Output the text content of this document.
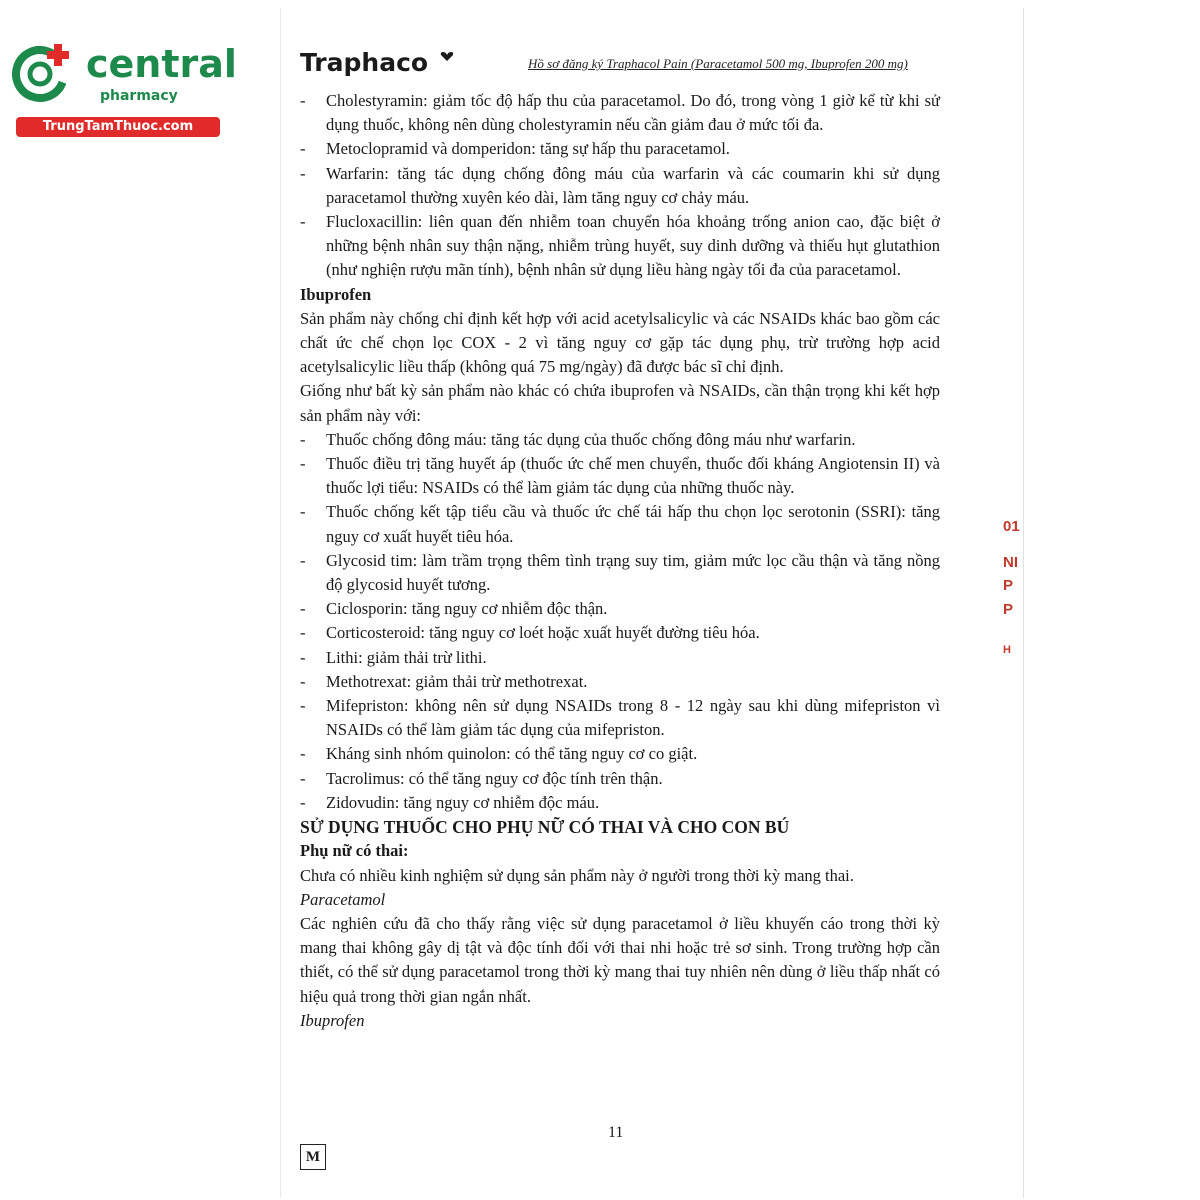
central
pharmacy
TrungTamThuoc.com
Traphaco	Hồ sơ đăng ký Traphacol Pain (Paracetamol 500 mg, Ibuprofen 200 mg)
- Cholestyramin: giảm tốc độ hấp thu của paracetamol. Do đó, trong vòng 1 giờ kể từ khi sử dụng thuốc, không nên dùng cholestyramin nếu cần giảm đau ở mức tối đa.
- Metoclopramid và domperidon: tăng sự hấp thu paracetamol.
- Warfarin: tăng tác dụng chống đông máu của warfarin và các coumarin khi sử dụng paracetamol thường xuyên kéo dài, làm tăng nguy cơ chảy máu.
- Flucloxacillin: liên quan đến nhiễm toan chuyển hóa khoảng trống anion cao, đặc biệt ở những bệnh nhân suy thận nặng, nhiễm trùng huyết, suy dinh dưỡng và thiếu hụt glutathion (như nghiện rượu mãn tính), bệnh nhân sử dụng liều hàng ngày tối đa của paracetamol.

Ibuprofen

Sản phẩm này chống chỉ định kết hợp với acid acetylsalicylic và các NSAIDs khác bao gồm các chất ức chế chọn lọc COX - 2 vì tăng nguy cơ gặp tác dụng phụ, trừ trường hợp acid acetylsalicylic liều thấp (không quá 75 mg/ngày) đã được bác sĩ chỉ định.

Giống như bất kỳ sản phẩm nào khác có chứa ibuprofen và NSAIDs, cần thận trọng khi kết hợp sản phẩm này với:

- Thuốc chống đông máu: tăng tác dụng của thuốc chống đông máu như warfarin.
- Thuốc điều trị tăng huyết áp (thuốc ức chế men chuyển, thuốc đối kháng Angiotensin II) và thuốc lợi tiểu: NSAIDs có thể làm giảm tác dụng của những thuốc này.
- Thuốc chống kết tập tiểu cầu và thuốc ức chế tái hấp thu chọn lọc serotonin (SSRI): tăng nguy cơ xuất huyết tiêu hóa.
- Glycosid tim: làm trầm trọng thêm tình trạng suy tim, giảm mức lọc cầu thận và tăng nồng độ glycosid huyết tương.
- Ciclosporin: tăng nguy cơ nhiễm độc thận.
- Corticosteroid: tăng nguy cơ loét hoặc xuất huyết đường tiêu hóa.
- Lithi: giảm thải trừ lithi.
- Methotrexat: giảm thải trừ methotrexat.
- Mifepriston: không nên sử dụng NSAIDs trong 8 - 12 ngày sau khi dùng mifepriston vì NSAIDs có thể làm giảm tác dụng của mifepriston.
- Kháng sinh nhóm quinolon: có thể tăng nguy cơ co giật.
- Tacrolimus: có thể tăng nguy cơ độc tính trên thận.
- Zidovudin: tăng nguy cơ nhiễm độc máu.

SỬ DỤNG THUỐC CHO PHỤ NỮ CÓ THAI VÀ CHO CON BÚ

Phụ nữ có thai:

Chưa có nhiều kinh nghiệm sử dụng sản phẩm này ở người trong thời kỳ mang thai.

Paracetamol

Các nghiên cứu đã cho thấy rằng việc sử dụng paracetamol ở liều khuyến cáo trong thời kỳ mang thai không gây dị tật và độc tính đối với thai nhi hoặc trẻ sơ sinh. Trong trường hợp cần thiết, có thể sử dụng paracetamol trong thời kỳ mang thai tuy nhiên nên dùng ở liều thấp nhất có hiệu quả trong thời gian ngắn nhất.

Ibuprofen

11
M
01
NI
P
P
H
